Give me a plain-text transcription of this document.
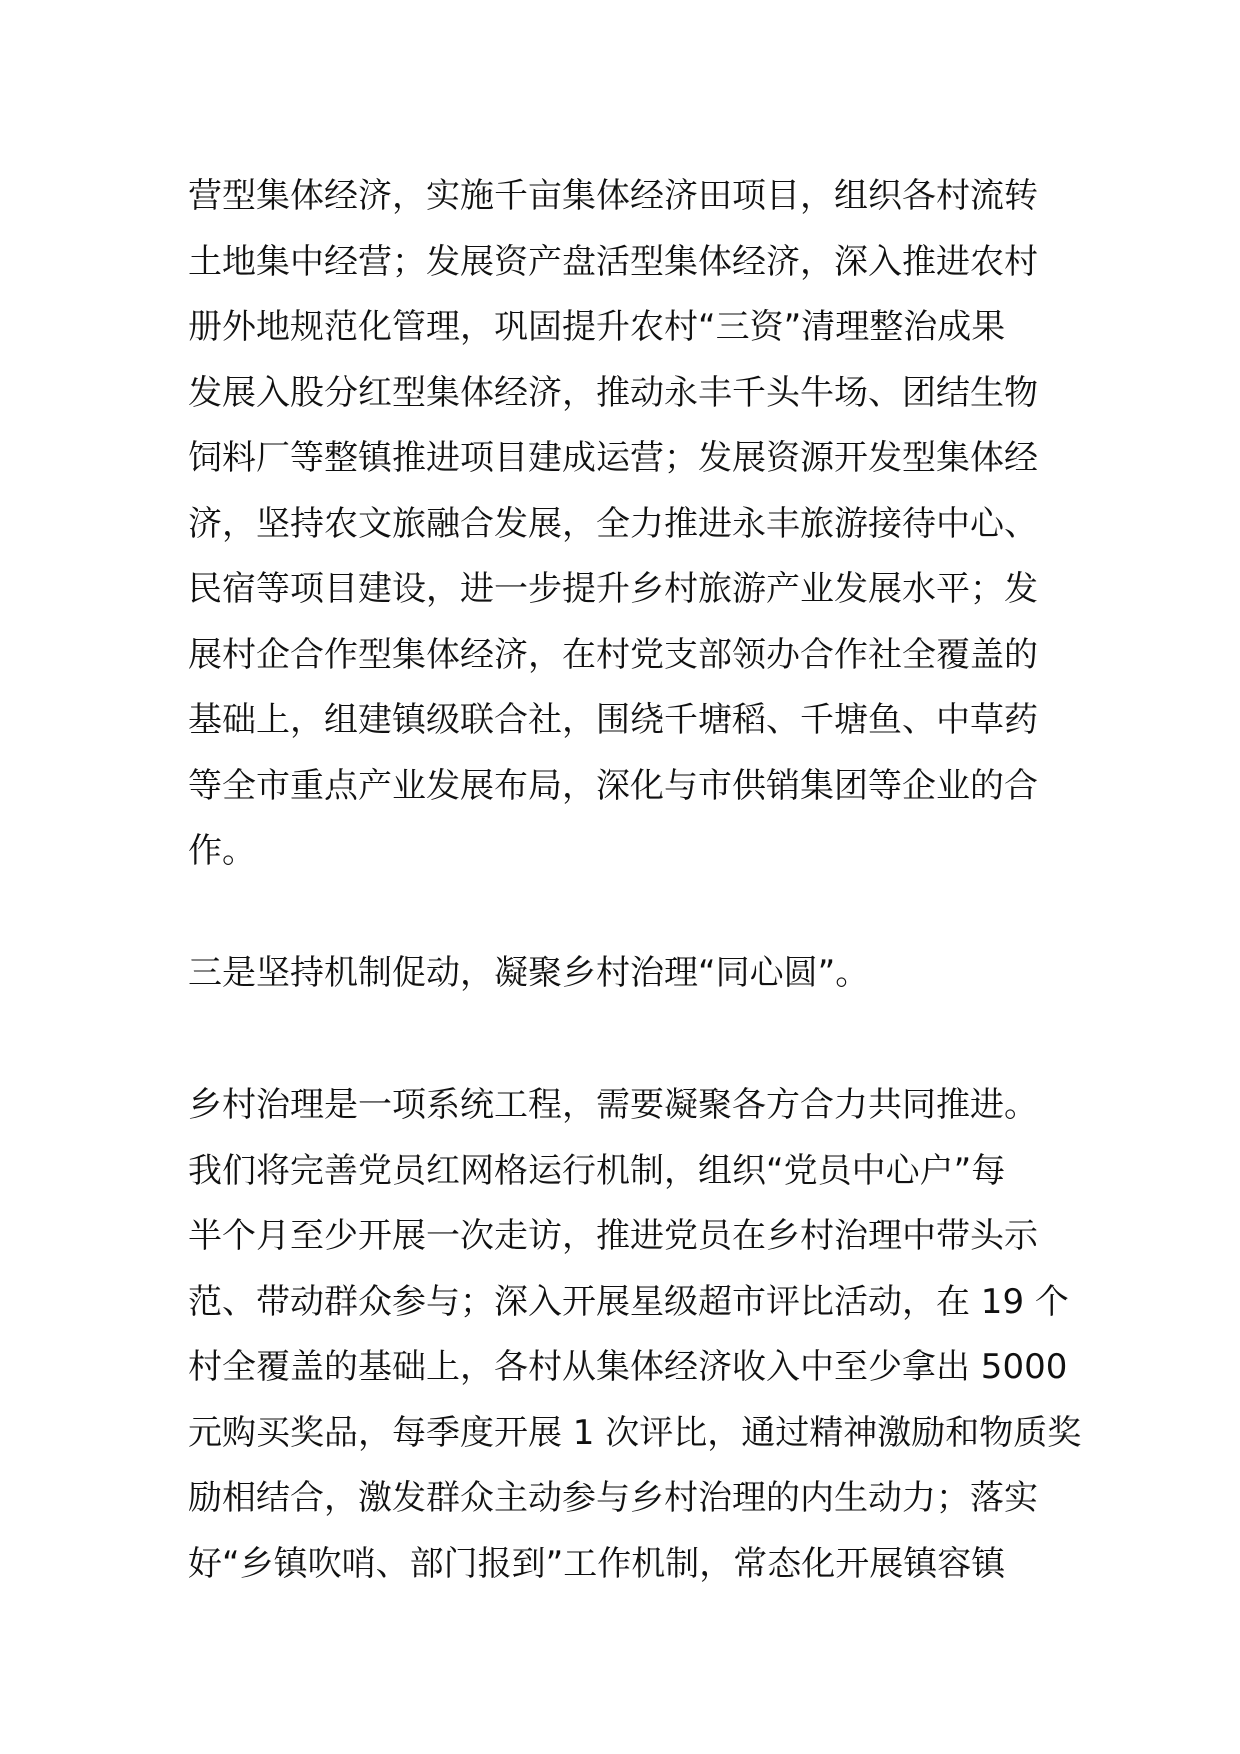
营型集体经济，实施千亩集体经济田项目，组织各村流转
土地集中经营；发展资产盘活型集体经济，深入推进农村
册外地规范化管理，巩固提升农村“三资”清理整治成果
发展入股分红型集体经济，推动永丰千头牛场、团结生物
饲料厂等整镇推进项目建成运营；发展资源开发型集体经
济，坚持农文旅融合发展，全力推进永丰旅游接待中心、
民宿等项目建设，进一步提升乡村旅游产业发展水平；发
展村企合作型集体经济，在村党支部领办合作社全覆盖的
基础上，组建镇级联合社，围绕千塘稻、千塘鱼、中草药
等全市重点产业发展布局，深化与市供销集团等企业的合
作。
三是坚持机制促动，凝聚乡村治理“同心圆”。
乡村治理是一项系统工程，需要凝聚各方合力共同推进。
我们将完善党员红网格运行机制，组织“党员中心户”每
半个月至少开展一次走访，推进党员在乡村治理中带头示
范、带动群众参与；深入开展星级超市评比活动，在 19 个
村全覆盖的基础上，各村从集体经济收入中至少拿出 5000
元购买奖品，每季度开展 1 次评比，通过精神激励和物质奖
励相结合，激发群众主动参与乡村治理的内生动力；落实
好“乡镇吹哨、部门报到”工作机制，常态化开展镇容镇
